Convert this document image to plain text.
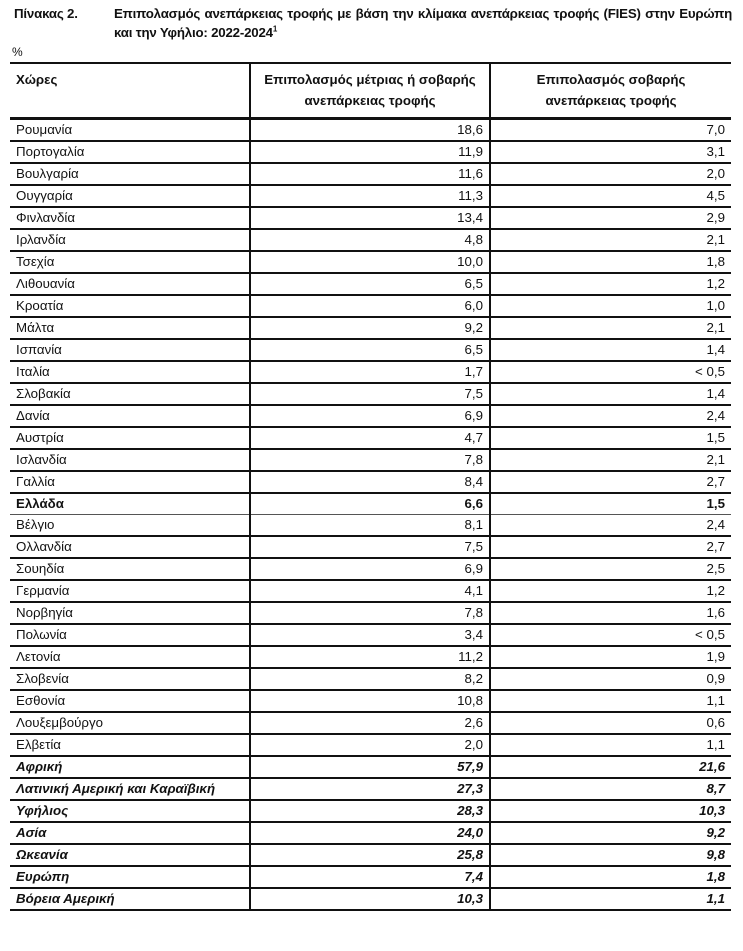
Πίνακας 2.	Επιπολασμός ανεπάρκειας τροφής με βάση την κλίμακα ανεπάρκειας τροφής (FIES) στην Ευρώπη και την Υφήλιο: 2022-2024$^1$
%
Χώρες	Επιπολασμός μέτριας ή σοβαρής ανεπάρκειας τροφής	Επιπολασμός σοβαρής ανεπάρκειας τροφής
Ρουμανία	18,6	7,0
Πορτογαλία	11,9	3,1
Βουλγαρία	11,6	2,0
Ουγγαρία	11,3	4,5
Φινλανδία	13,4	2,9
Ιρλανδία	4,8	2,1
Τσεχία	10,0	1,8
Λιθουανία	6,5	1,2
Κροατία	6,0	1,0
Μάλτα	9,2	2,1
Ισπανία	6,5	1,4
Ιταλία	1,7	< 0,5
Σλοβακία	7,5	1,4
Δανία	6,9	2,4
Αυστρία	4,7	1,5
Ισλανδία	7,8	2,1
Γαλλία	8,4	2,7
Ελλάδα	6,6	1,5
Βέλγιο	8,1	2,4
Ολλανδία	7,5	2,7
Σουηδία	6,9	2,5
Γερμανία	4,1	1,2
Νορβηγία	7,8	1,6
Πολωνία	3,4	< 0,5
Λετονία	11,2	1,9
Σλοβενία	8,2	0,9
Εσθονία	10,8	1,1
Λουξεμβούργο	2,6	0,6
Ελβετία	2,0	1,1
Αφρική	57,9	21,6
Λατινική Αμερική και Καραϊβική	27,3	8,7
Υφήλιος	28,3	10,3
Ασία	24,0	9,2
Ωκεανία	25,8	9,8
Ευρώπη	7,4	1,8
Βόρεια Αμερική	10,3	1,1
